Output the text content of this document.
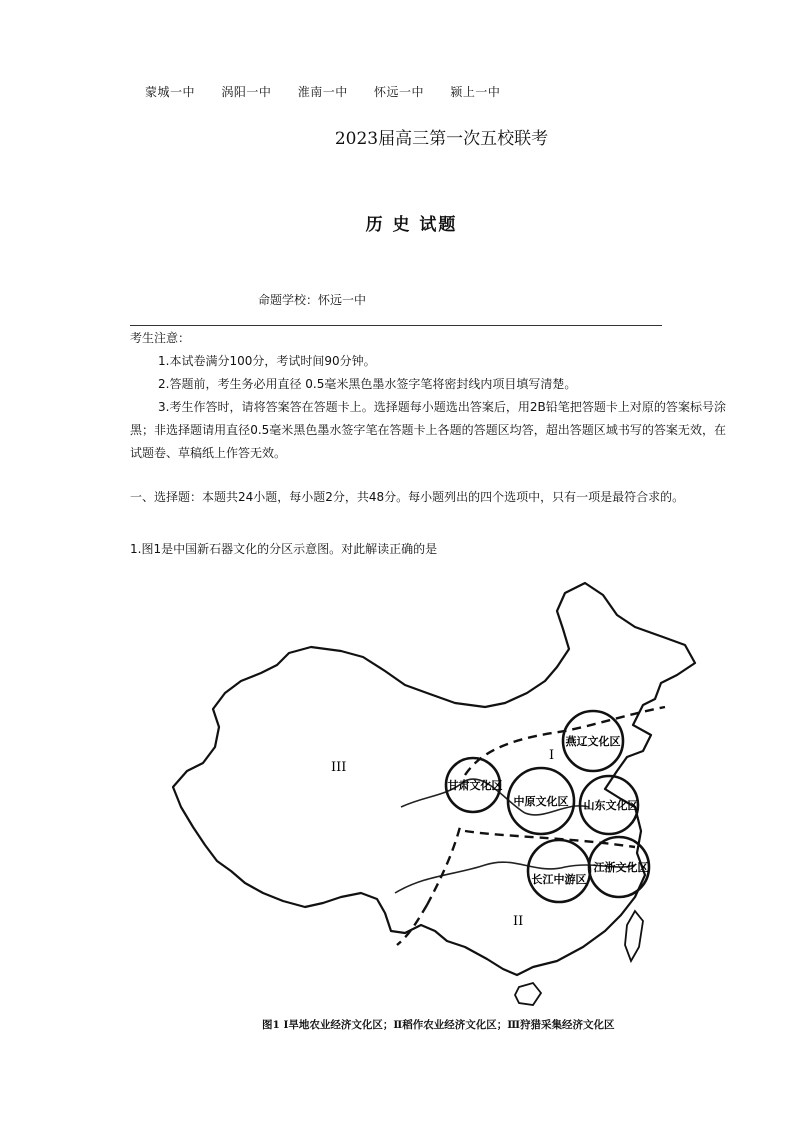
蒙城一中 涡阳一中 淮南一中 怀远一中 颍上一中
2023届高三第一次五校联考
历 史 试题
命题学校：怀远一中
考生注意：

1.本试卷满分100分，考试时间90分钟。

2.答题前，考生务必用直径 0.5毫米黑色墨水签字笔将密封线内项目填写清楚。

3.考生作答时，请将答案答在答题卡上。选择题每小题选出答案后，用2B铅笔把答题卡上对原的答案标号涂黑；非选择题请用直径0.5毫米黑色墨水签字笔在答题卡上各题的答题区均答，超出答题区域书写的答案无效，在试题卷、草稿纸上作答无效。

一、选择题：本题共24小题，每小题2分，共48分。每小题列出的四个选项中，只有一项是最符合求的。
1.图1是中国新石器文化的分区示意图。对此解读正确的是
III
I
II
燕辽文化区
甘肃文化区
中原文化区 山东文化区
长江中游区
江浙文化区
图1 Ⅰ旱地农业经济文化区；Ⅱ稻作农业经济文化区；Ⅲ狩猎采集经济文化区
